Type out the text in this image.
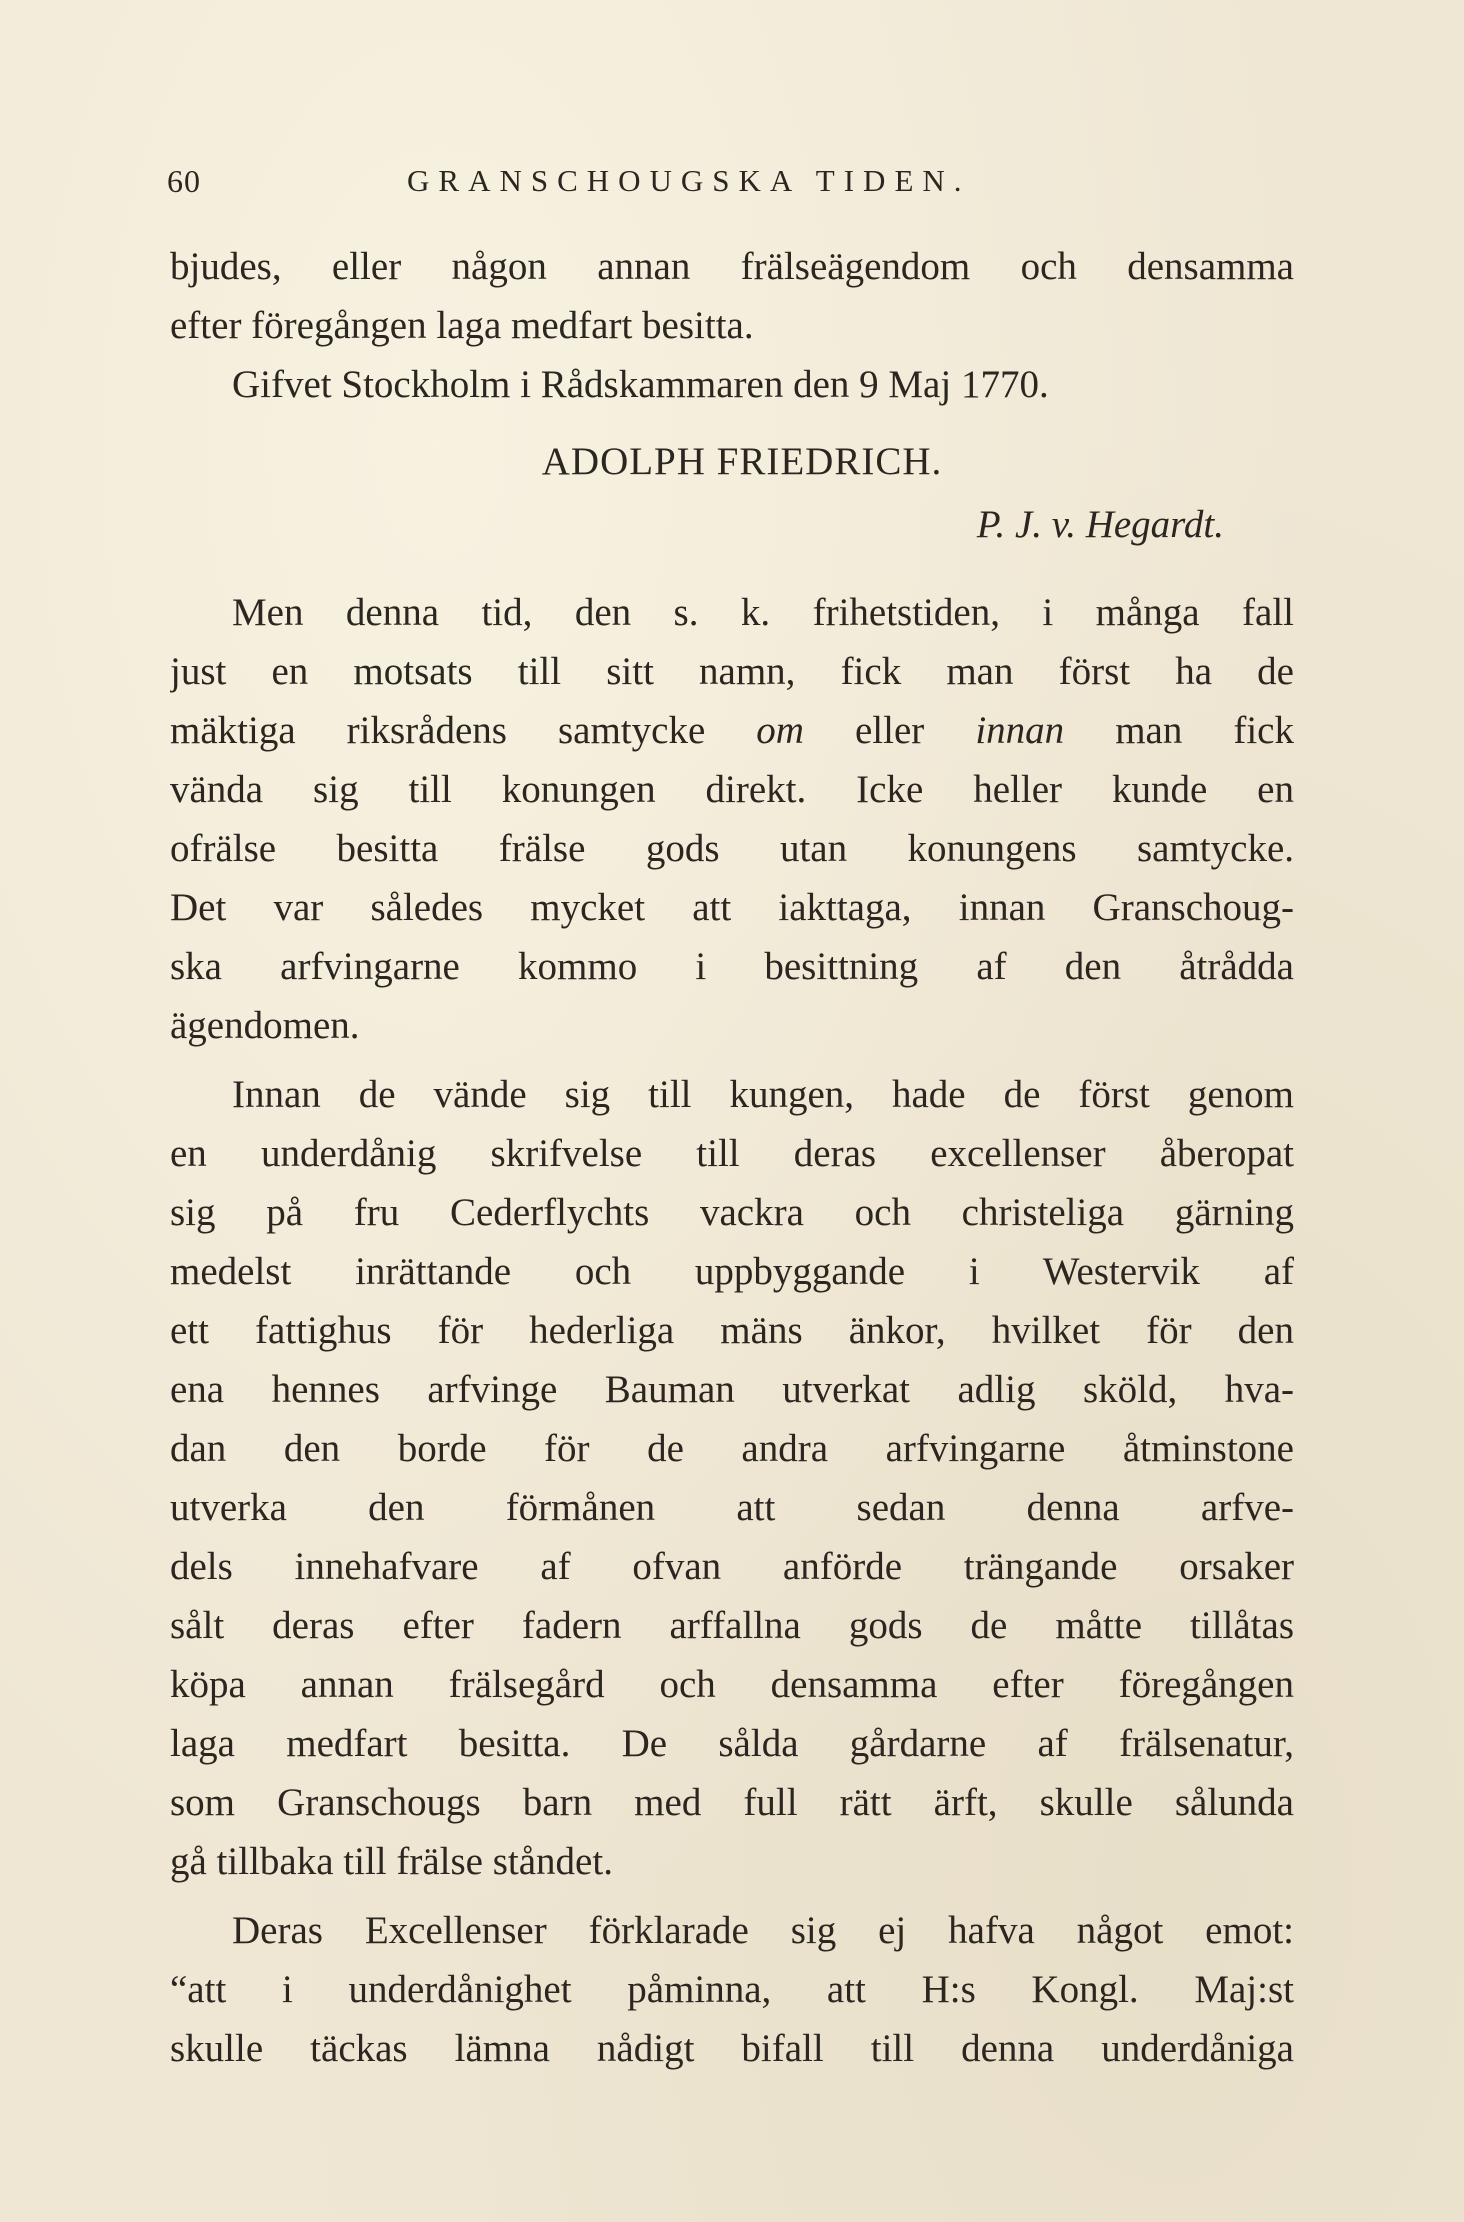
60	GRANSCHOUGSKA TIDEN.
bjudes, eller någon annan frälseägendom och densamma
efter föregången laga medfart besitta.
Gifvet Stockholm i Rådskammaren den 9 Maj 1770.
ADOLPH FRIEDRICH.
P. J. v. Hegardt.
Men denna tid, den s. k. frihetstiden, i många fall
just en motsats till sitt namn, fick man först ha de
mäktiga riksrådens samtycke om eller innan man fick
vända sig till konungen direkt. Icke heller kunde en
ofrälse besitta frälse gods utan konungens samtycke.
Det var således mycket att iakttaga, innan Granschoug-
ska arfvingarne kommo i besittning af den åtrådda
ägendomen.
Innan de vände sig till kungen, hade de först genom
en underdånig skrifvelse till deras excellenser åberopat
sig på fru Cederflychts vackra och christeliga gärning
medelst inrättande och uppbyggande i Westervik af
ett fattighus för hederliga mäns änkor, hvilket för den
ena hennes arfvinge Bauman utverkat adlig sköld, hva-
dan den borde för de andra arfvingarne åtminstone
utverka den förmånen att sedan denna arfve-
dels innehafvare af ofvan anförde trängande orsaker
sålt deras efter fadern arffallna gods de måtte tillåtas
köpa annan frälsegård och densamma efter föregången
laga medfart besitta. De sålda gårdarne af frälsenatur,
som Granschougs barn med full rätt ärft, skulle sålunda
gå tillbaka till frälse ståndet.
Deras Excellenser förklarade sig ej hafva något emot:
“att i underdånighet påminna, att H:s Kongl. Maj:st
skulle täckas lämna nådigt bifall till denna underdåniga
